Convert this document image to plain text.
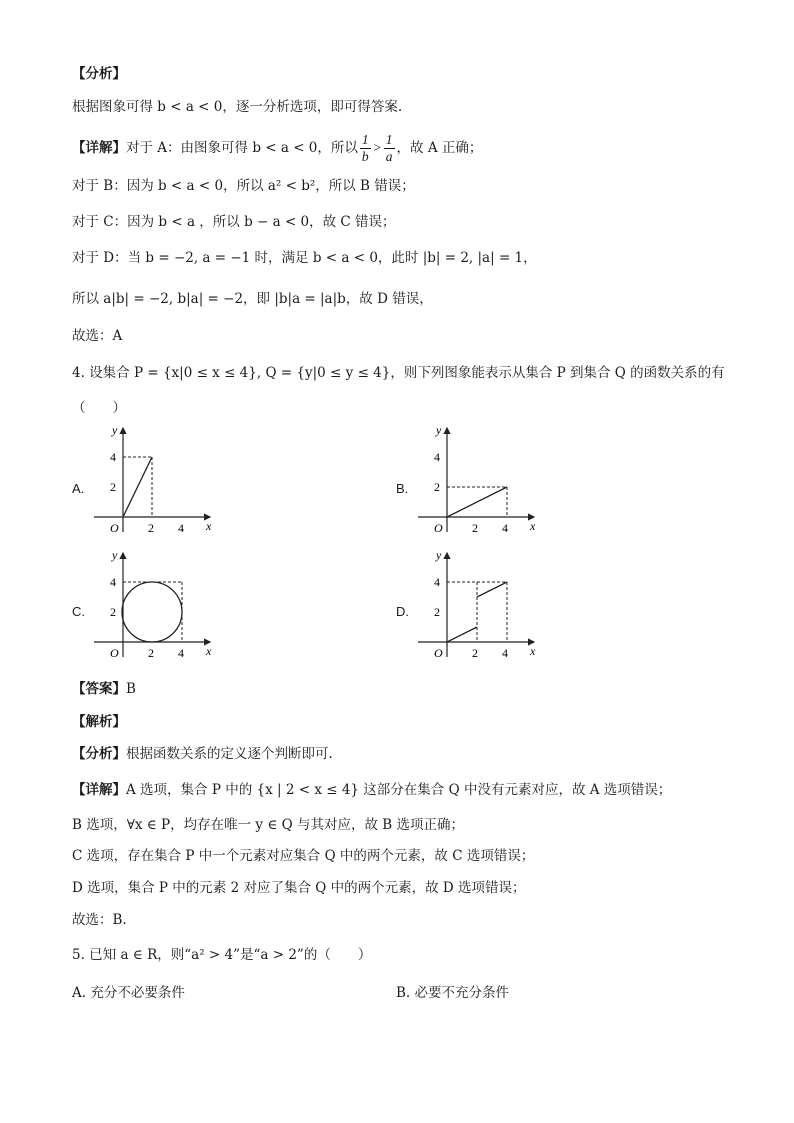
【分析】
根据图象可得 b < a < 0，逐一分析选项，即可得答案.
【详解】对于 A：由图象可得 b < a < 0，所以 $\frac{1}{b} > \frac{1}{a}$ ，故 A 正确；
对于 B：因为 b < a < 0，所以 a² < b²，所以 B 错误；
对于 C：因为 b < a ，所以 b − a < 0，故 C 错误；
对于 D：当 b = −2, a = −1 时，满足 b < a < 0，此时 |b| = 2, |a| = 1，
所以 a|b| = −2, b|a| = −2，即 |b|a = |a|b，故 D 错误，
故选：A
4. 设集合 P = {x|0 ≤ x ≤ 4}, Q = {y|0 ≤ y ≤ 4}，则下列图象能表示从集合 P 到集合 Q 的函数关系的有
（　　）
A.	B.
C.	D.
y
x
O
4
2
2 4
y
x
O
4
2
2 4
y
x
O
4
2
2 4
y
x
O
4
2
2 4
【答案】B
【解析】
【分析】根据函数关系的定义逐个判断即可.
【详解】A 选项，集合 P 中的 {x | 2 < x ≤ 4} 这部分在集合 Q 中没有元素对应，故 A 选项错误；
B 选项，∀x ∈ P，均存在唯一 y ∈ Q 与其对应，故 B 选项正确；
C 选项，存在集合 P 中一个元素对应集合 Q 中的两个元素，故 C 选项错误；
D 选项，集合 P 中的元素 2 对应了集合 Q 中的两个元素，故 D 选项错误；
故选：B.
5. 已知 a ∈ R，则“a² > 4”是“a > 2”的（　　）
A. 充分不必要条件	B. 必要不充分条件
